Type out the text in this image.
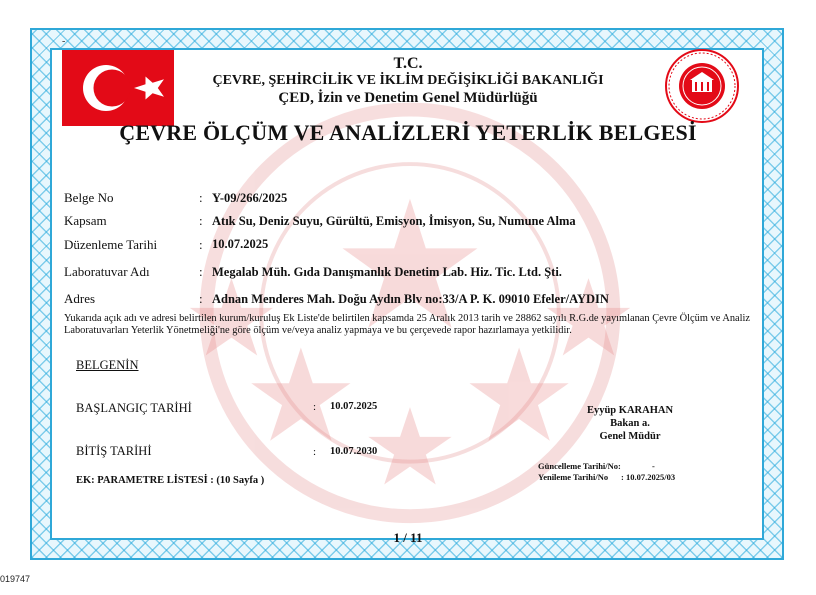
-
T.C.
ÇEVRE, ŞEHİRCİLİK VE İKLİM DEĞİŞİKLİĞİ BAKANLIĞI
ÇED, İzin ve Denetim Genel Müdürlüğü
ÇEVRE ÖLÇÜM VE ANALİZLERİ YETERLİK BELGESİ
Belge No	: Y-09/266/2025
Kapsam	: Atık Su, Deniz Suyu, Gürültü, Emisyon, İmisyon, Su, Numune Alma
Düzenleme Tarihi	: 10.07.2025
Laboratuvar Adı	: Megalab Müh. Gıda Danışmanlık Denetim Lab. Hiz. Tic. Ltd. Şti.
Adres	: Adnan Menderes Mah. Doğu Aydın Blv no:33/A P. K. 09010 Efeler/AYDIN
Yukarıda açık adı ve adresi belirtilen kurum/kuruluş Ek Liste'de belirtilen kapsamda 25 Aralık 2013 tarih ve 28862 sayılı R.G.de yayımlanan Çevre Ölçüm ve Analiz Laboratuvarları Yeterlik Yönetmeliği'ne göre ölçüm ve/veya analiz yapmaya ve bu çerçevede rapor hazırlamaya yetkilidir.
BELGENİN
BAŞLANGIÇ TARİHİ	: 10.07.2025
BİTİŞ TARİHİ	: 10.07.2030
Eyyüp KARAHAN
Bakan a.
Genel Müdür
Güncelleme Tarihi/No:	-
Yenileme Tarihi/No : 10.07.2025/03
EK: PARAMETRE LİSTESİ : (10 Sayfa )
1 / 11
019747
